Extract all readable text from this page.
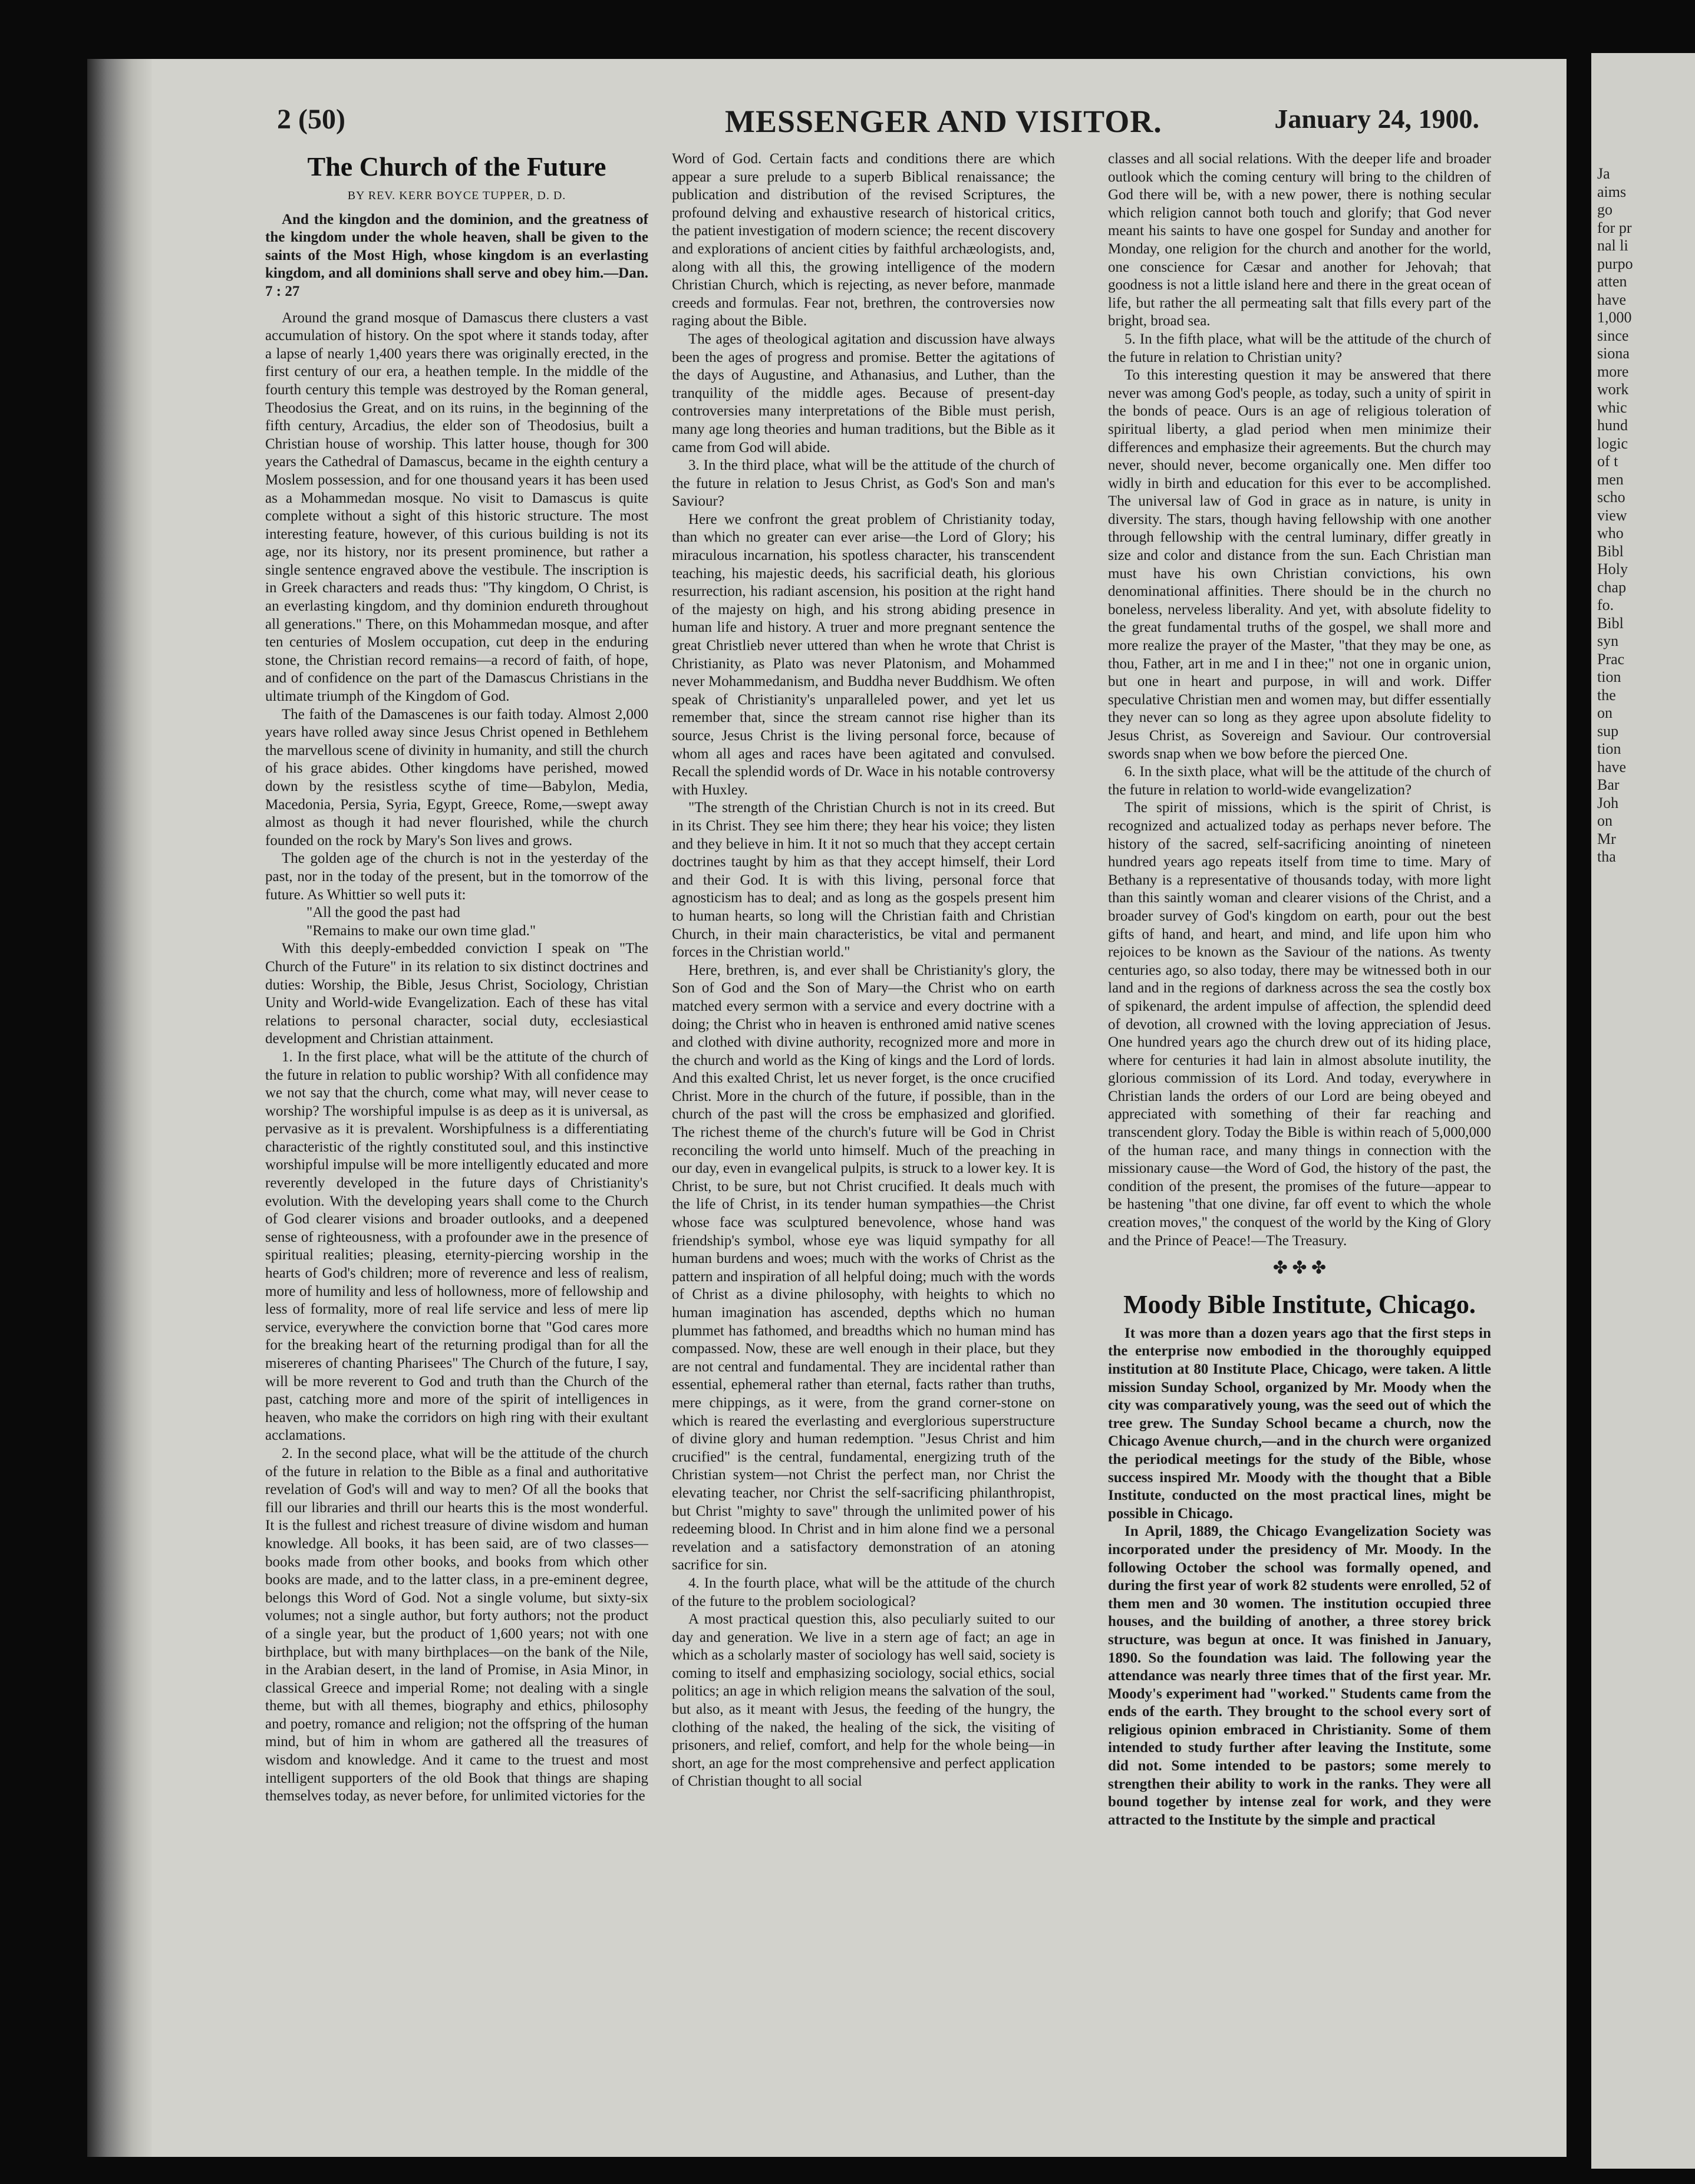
Ja
aims
go
for pr
nal li
purpo
atten
have
1,000
since
siona
more
work
whic
hund
logic
of t
men
scho
view
who
Bibl
Holy
chap
fo.
Bibl
syn
Prac
tion
the
on
sup
tion
have
Bar
Joh
on
Mr
tha
2 (50)	MESSENGER AND VISITOR.	January 24, 1900.
The Church of the Future
BY REV. KERR BOYCE TUPPER, D. D.

And the kingdon and the dominion, and the greatness of the kingdom under the whole heaven, shall be given to the saints of the Most High, whose kingdom is an everlasting kingdom, and all dominions shall serve and obey him.—Dan. 7 : 27

Around the grand mosque of Damascus there clusters a vast accumulation of history. On the spot where it stands today, after a lapse of nearly 1,400 years there was originally erected, in the first century of our era, a heathen temple. In the middle of the fourth century this temple was destroyed by the Roman general, Theodosius the Great, and on its ruins, in the beginning of the fifth century, Arcadius, the elder son of Theodosius, built a Christian house of worship. This latter house, though for 300 years the Cathedral of Damascus, became in the eighth century a Moslem possession, and for one thousand years it has been used as a Mohammedan mosque. No visit to Damascus is quite complete without a sight of this historic structure. The most interesting feature, however, of this curious building is not its age, nor its history, nor its present prominence, but rather a single sentence engraved above the vestibule. The inscription is in Greek characters and reads thus: "Thy kingdom, O Christ, is an everlasting kingdom, and thy dominion endureth throughout all generations." There, on this Mohammedan mosque, and after ten centuries of Moslem occupation, cut deep in the enduring stone, the Christian record remains—a record of faith, of hope, and of confidence on the part of the Damascus Christians in the ultimate triumph of the Kingdom of God.

The faith of the Damascenes is our faith today. Almost 2,000 years have rolled away since Jesus Christ opened in Bethlehem the marvellous scene of divinity in humanity, and still the church of his grace abides. Other kingdoms have perished, mowed down by the resistless scythe of time—Babylon, Media, Macedonia, Persia, Syria, Egypt, Greece, Rome,—swept away almost as though it had never flourished, while the church founded on the rock by Mary's Son lives and grows.

The golden age of the church is not in the yesterday of the past, nor in the today of the present, but in the tomorrow of the future. As Whittier so well puts it:

"All the good the past had

"Remains to make our own time glad."

With this deeply-embedded conviction I speak on "The Church of the Future" in its relation to six distinct doctrines and duties: Worship, the Bible, Jesus Christ, Sociology, Christian Unity and World-wide Evangelization. Each of these has vital relations to personal character, social duty, ecclesiastical development and Christian attainment.

1. In the first place, what will be the attitute of the church of the future in relation to public worship? With all confidence may we not say that the church, come what may, will never cease to worship? The worshipful impulse is as deep as it is universal, as pervasive as it is prevalent. Worshipfulness is a differentiating characteristic of the rightly constituted soul, and this instinctive worshipful impulse will be more intelligently educated and more reverently developed in the future days of Christianity's evolution. With the developing years shall come to the Church of God clearer visions and broader outlooks, and a deepened sense of righteousness, with a profounder awe in the presence of spiritual realities; pleasing, eternity-piercing worship in the hearts of God's children; more of reverence and less of realism, more of humility and less of hollowness, more of fellowship and less of formality, more of real life service and less of mere lip service, everywhere the conviction borne that "God cares more for the breaking heart of the returning prodigal than for all the misereres of chanting Pharisees" The Church of the future, I say, will be more reverent to God and truth than the Church of the past, catching more and more of the spirit of intelligences in heaven, who make the corridors on high ring with their exultant acclamations.

2. In the second place, what will be the attitude of the church of the future in relation to the Bible as a final and authoritative revelation of God's will and way to men? Of all the books that fill our libraries and thrill our hearts this is the most wonderful. It is the fullest and richest treasure of divine wisdom and human knowledge. All books, it has been said, are of two classes—books made from other books, and books from which other books are made, and to the latter class, in a pre-eminent degree, belongs this Word of God. Not a single volume, but sixty-six volumes; not a single author, but forty authors; not the product of a single year, but the product of 1,600 years; not with one birthplace, but with many birthplaces—on the bank of the Nile, in the Arabian desert, in the land of Promise, in Asia Minor, in classical Greece and imperial Rome; not dealing with a single theme, but with all themes, biography and ethics, philosophy and poetry, romance and religion; not the offspring of the human mind, but of him in whom are gathered all the treasures of wisdom and knowledge. And it came to the truest and most intelligent supporters of the old Book that things are shaping themselves today, as never before, for unlimited victories for the

Word of God. Certain facts and conditions there are which appear a sure prelude to a superb Biblical renaissance; the publication and distribution of the revised Scriptures, the profound delving and exhaustive research of historical critics, the patient investigation of modern science; the recent discovery and explorations of ancient cities by faithful archæologists, and, along with all this, the growing intelligence of the modern Christian Church, which is rejecting, as never before, manmade creeds and formulas. Fear not, brethren, the controversies now raging about the Bible.

The ages of theological agitation and discussion have always been the ages of progress and promise. Better the agitations of the days of Augustine, and Athanasius, and Luther, than the tranquility of the middle ages. Because of present-day controversies many interpretations of the Bible must perish, many age long theories and human traditions, but the Bible as it came from God will abide.

3. In the third place, what will be the attitude of the church of the future in relation to Jesus Christ, as God's Son and man's Saviour?

Here we confront the great problem of Christianity today, than which no greater can ever arise—the Lord of Glory; his miraculous incarnation, his spotless character, his transcendent teaching, his majestic deeds, his sacrificial death, his glorious resurrection, his radiant ascension, his position at the right hand of the majesty on high, and his strong abiding presence in human life and history. A truer and more pregnant sentence the great Christlieb never uttered than when he wrote that Christ is Christianity, as Plato was never Platonism, and Mohammed never Mohammedanism, and Buddha never Buddhism. We often speak of Christianity's unparalleled power, and yet let us remember that, since the stream cannot rise higher than its source, Jesus Christ is the living personal force, because of whom all ages and races have been agitated and convulsed. Recall the splendid words of Dr. Wace in his notable controversy with Huxley.

"The strength of the Christian Church is not in its creed. But in its Christ. They see him there; they hear his voice; they listen and they believe in him. It it not so much that they accept certain doctrines taught by him as that they accept himself, their Lord and their God. It is with this living, personal force that agnosticism has to deal; and as long as the gospels present him to human hearts, so long will the Christian faith and Christian Church, in their main characteristics, be vital and permanent forces in the Christian world."

Here, brethren, is, and ever shall be Christianity's glory, the Son of God and the Son of Mary—the Christ who on earth matched every sermon with a service and every doctrine with a doing; the Christ who in heaven is enthroned amid native scenes and clothed with divine authority, recognized more and more in the church and world as the King of kings and the Lord of lords. And this exalted Christ, let us never forget, is the once crucified Christ. More in the church of the future, if possible, than in the church of the past will the cross be emphasized and glorified. The richest theme of the church's future will be God in Christ reconciling the world unto himself. Much of the preaching in our day, even in evangelical pulpits, is struck to a lower key. It is Christ, to be sure, but not Christ crucified. It deals much with the life of Christ, in its tender human sympathies—the Christ whose face was sculptured benevolence, whose hand was friendship's symbol, whose eye was liquid sympathy for all human burdens and woes; much with the works of Christ as the pattern and inspiration of all helpful doing; much with the words of Christ as a divine philosophy, with heights to which no human imagination has ascended, depths which no human plummet has fathomed, and breadths which no human mind has compassed. Now, these are well enough in their place, but they are not central and fundamental. They are incidental rather than essential, ephemeral rather than eternal, facts rather than truths, mere chippings, as it were, from the grand corner-stone on which is reared the everlasting and everglorious superstructure of divine glory and human redemption. "Jesus Christ and him crucified" is the central, fundamental, energizing truth of the Christian system—not Christ the perfect man, nor Christ the elevating teacher, nor Christ the self-sacrificing philanthropist, but Christ "mighty to save" through the unlimited power of his redeeming blood. In Christ and in him alone find we a personal revelation and a satisfactory demonstration of an atoning sacrifice for sin.

4. In the fourth place, what will be the attitude of the church of the future to the problem sociological?

A most practical question this, also peculiarly suited to our day and generation. We live in a stern age of fact; an age in which as a scholarly master of sociology has well said, society is coming to itself and emphasizing sociology, social ethics, social politics; an age in which religion means the salvation of the soul, but also, as it meant with Jesus, the feeding of the hungry, the clothing of the naked, the healing of the sick, the visiting of prisoners, and relief, comfort, and help for the whole being—in short, an age for the most comprehensive and perfect application of Christian thought to all social

classes and all social relations. With the deeper life and broader outlook which the coming century will bring to the children of God there will be, with a new power, there is nothing secular which religion cannot both touch and glorify; that God never meant his saints to have one gospel for Sunday and another for Monday, one religion for the church and another for the world, one conscience for Cæsar and another for Jehovah; that goodness is not a little island here and there in the great ocean of life, but rather the all permeating salt that fills every part of the bright, broad sea.

5. In the fifth place, what will be the attitude of the church of the future in relation to Christian unity?

To this interesting question it may be answered that there never was among God's people, as today, such a unity of spirit in the bonds of peace. Ours is an age of religious toleration of spiritual liberty, a glad period when men minimize their differences and emphasize their agreements. But the church may never, should never, become organically one. Men differ too widly in birth and education for this ever to be accomplished. The universal law of God in grace as in nature, is unity in diversity. The stars, though having fellowship with one another through fellowship with the central luminary, differ greatly in size and color and distance from the sun. Each Christian man must have his own Christian convictions, his own denominational affinities. There should be in the church no boneless, nerveless liberality. And yet, with absolute fidelity to the great fundamental truths of the gospel, we shall more and more realize the prayer of the Master, "that they may be one, as thou, Father, art in me and I in thee;" not one in organic union, but one in heart and purpose, in will and work. Differ speculative Christian men and women may, but differ essentially they never can so long as they agree upon absolute fidelity to Jesus Christ, as Sovereign and Saviour. Our controversial swords snap when we bow before the pierced One.

6. In the sixth place, what will be the attitude of the church of the future in relation to world-wide evangelization?

The spirit of missions, which is the spirit of Christ, is recognized and actualized today as perhaps never before. The history of the sacred, self-sacrificing anointing of nineteen hundred years ago repeats itself from time to time. Mary of Bethany is a representative of thousands today, with more light than this saintly woman and clearer visions of the Christ, and a broader survey of God's kingdom on earth, pour out the best gifts of hand, and heart, and mind, and life upon him who rejoices to be known as the Saviour of the nations. As twenty centuries ago, so also today, there may be witnessed both in our land and in the regions of darkness across the sea the costly box of spikenard, the ardent impulse of affection, the splendid deed of devotion, all crowned with the loving appreciation of Jesus. One hundred years ago the church drew out of its hiding place, where for centuries it had lain in almost absolute inutility, the glorious commission of its Lord. And today, everywhere in Christian lands the orders of our Lord are being obeyed and appreciated with something of their far reaching and transcendent glory. Today the Bible is within reach of 5,000,000 of the human race, and many things in connection with the missionary cause—the Word of God, the history of the past, the condition of the present, the promises of the future—appear to be hastening "that one divine, far off event to which the whole creation moves," the conquest of the world by the King of Glory and the Prince of Peace!—The Treasury.

✤ ✤ ✤

Moody Bible Institute, Chicago.

It was more than a dozen years ago that the first steps in the enterprise now embodied in the thoroughly equipped institution at 80 Institute Place, Chicago, were taken. A little mission Sunday School, organized by Mr. Moody when the city was comparatively young, was the seed out of which the tree grew. The Sunday School became a church, now the Chicago Avenue church,—and in the church were organized the periodical meetings for the study of the Bible, whose success inspired Mr. Moody with the thought that a Bible Institute, conducted on the most practical lines, might be possible in Chicago.

In April, 1889, the Chicago Evangelization Society was incorporated under the presidency of Mr. Moody. In the following October the school was formally opened, and during the first year of work 82 students were enrolled, 52 of them men and 30 women. The institution occupied three houses, and the building of another, a three storey brick structure, was begun at once. It was finished in January, 1890. So the foundation was laid. The following year the attendance was nearly three times that of the first year. Mr. Moody's experiment had "worked." Students came from the ends of the earth. They brought to the school every sort of religious opinion embraced in Christianity. Some of them intended to study further after leaving the Institute, some did not. Some intended to be pastors; some merely to strengthen their ability to work in the ranks. They were all bound together by intense zeal for work, and they were attracted to the Institute by the simple and practical
